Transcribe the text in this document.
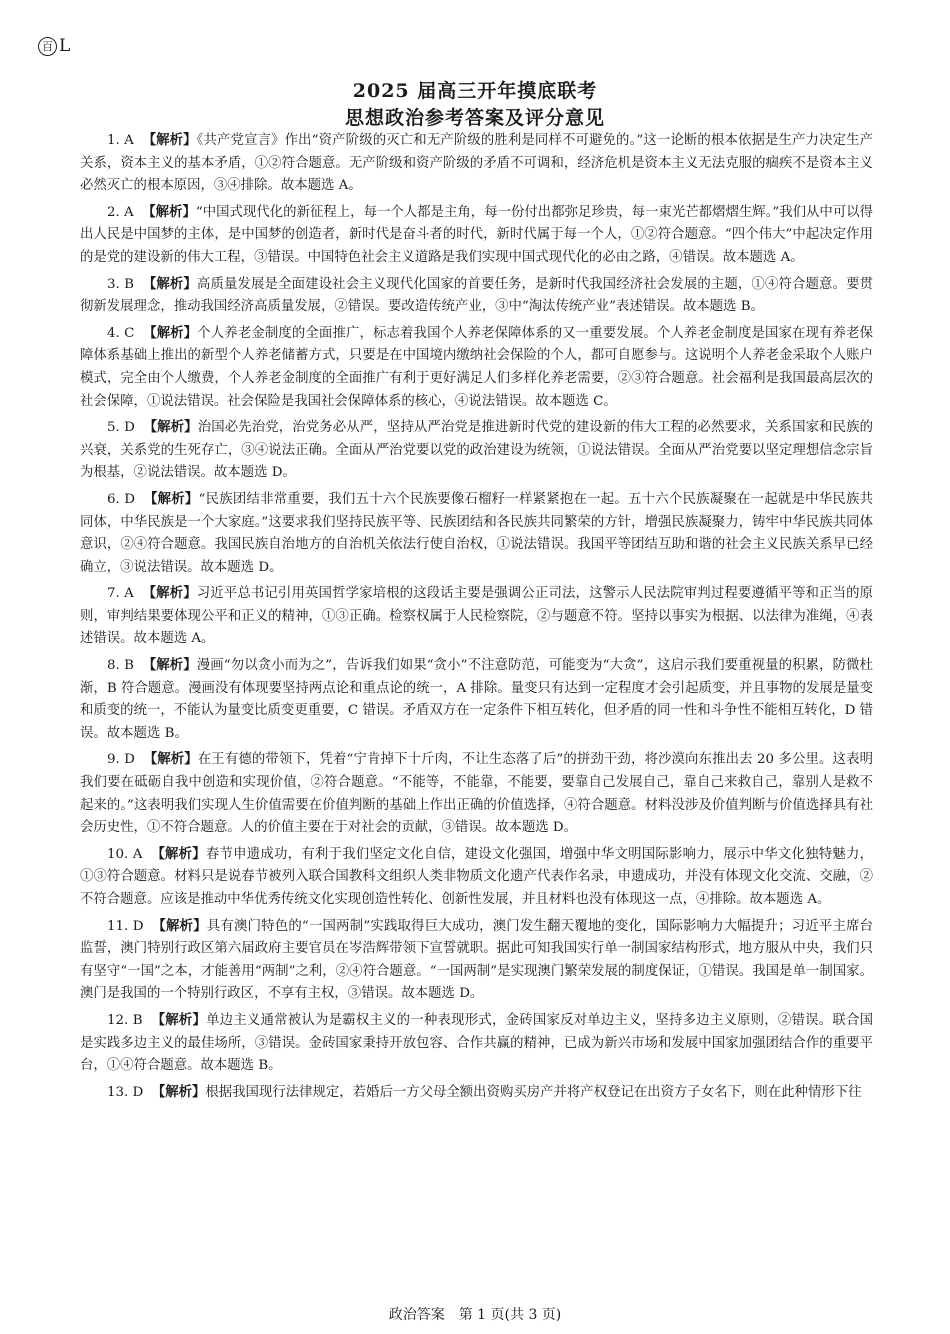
百 L
2025 届高三开年摸底联考
思想政治参考答案及评分意见

1. A 【解析】《共产党宣言》作出“资产阶级的灭亡和无产阶级的胜利是同样不可避免的。”这一论断的根本依据是生产力决定生产关系，资本主义的基本矛盾，①②符合题意。无产阶级和资产阶级的矛盾不可调和，经济危机是资本主义无法克服的痼疾不是资本主义必然灭亡的根本原因，③④排除。故本题选 A。

2. A 【解析】“中国式现代化的新征程上，每一个人都是主角，每一份付出都弥足珍贵，每一束光芒都熠熠生辉。”我们从中可以得出人民是中国梦的主体，是中国梦的创造者，新时代是奋斗者的时代，新时代属于每一个人，①②符合题意。“四个伟大”中起决定作用的是党的建设新的伟大工程，③错误。中国特色社会主义道路是我们实现中国式现代化的必由之路，④错误。故本题选 A。

3. B 【解析】高质量发展是全面建设社会主义现代化国家的首要任务，是新时代我国经济社会发展的主题，①④符合题意。要贯彻新发展理念，推动我国经济高质量发展，②错误。要改造传统产业，③中“淘汰传统产业”表述错误。故本题选 B。

4. C 【解析】个人养老金制度的全面推广，标志着我国个人养老保障体系的又一重要发展。个人养老金制度是国家在现有养老保障体系基础上推出的新型个人养老储蓄方式，只要是在中国境内缴纳社会保险的个人，都可自愿参与。这说明个人养老金采取个人账户模式，完全由个人缴费，个人养老金制度的全面推广有利于更好满足人们多样化养老需要，②③符合题意。社会福利是我国最高层次的社会保障，①说法错误。社会保险是我国社会保障体系的核心，④说法错误。故本题选 C。

5. D 【解析】治国必先治党，治党务必从严，坚持从严治党是推进新时代党的建设新的伟大工程的必然要求，关系国家和民族的兴衰，关系党的生死存亡，③④说法正确。全面从严治党要以党的政治建设为统领，①说法错误。全面从严治党要以坚定理想信念宗旨为根基，②说法错误。故本题选 D。

6. D 【解析】“民族团结非常重要，我们五十六个民族要像石榴籽一样紧紧抱在一起。五十六个民族凝聚在一起就是中华民族共同体，中华民族是一个大家庭。”这要求我们坚持民族平等、民族团结和各民族共同繁荣的方针，增强民族凝聚力，铸牢中华民族共同体意识，②④符合题意。我国民族自治地方的自治机关依法行使自治权，①说法错误。我国平等团结互助和谐的社会主义民族关系早已经确立，③说法错误。故本题选 D。

7. A 【解析】习近平总书记引用英国哲学家培根的这段话主要是强调公正司法，这警示人民法院审判过程要遵循平等和正当的原则，审判结果要体现公平和正义的精神，①③正确。检察权属于人民检察院，②与题意不符。坚持以事实为根据、以法律为准绳，④表述错误。故本题选 A。

8. B 【解析】漫画“勿以贪小而为之”，告诉我们如果“贪小”不注意防范，可能变为“大贪”，这启示我们要重视量的积累，防微杜渐，B 符合题意。漫画没有体现要坚持两点论和重点论的统一，A 排除。量变只有达到一定程度才会引起质变，并且事物的发展是量变和质变的统一，不能认为量变比质变更重要，C 错误。矛盾双方在一定条件下相互转化，但矛盾的同一性和斗争性不能相互转化，D 错误。故本题选 B。

9. D 【解析】在王有德的带领下，凭着“宁肯掉下十斤肉，不让生态落了后”的拼劲干劲，将沙漠向东推出去 20 多公里。这表明我们要在砥砺自我中创造和实现价值，②符合题意。“不能等，不能靠，不能要，要靠自己发展自己，靠自己来救自己，靠别人是救不起来的。”这表明我们实现人生价值需要在价值判断的基础上作出正确的价值选择，④符合题意。材料没涉及价值判断与价值选择具有社会历史性，①不符合题意。人的价值主要在于对社会的贡献，③错误。故本题选 D。

10. A 【解析】春节申遗成功，有利于我们坚定文化自信，建设文化强国，增强中华文明国际影响力，展示中华文化独特魅力，①③符合题意。材料只是说春节被列入联合国教科文组织人类非物质文化遗产代表作名录，申遗成功，并没有体现文化交流、交融，②不符合题意。应该是推动中华优秀传统文化实现创造性转化、创新性发展，并且材料也没有体现这一点，④排除。故本题选 A。

11. D 【解析】具有澳门特色的“一国两制”实践取得巨大成功，澳门发生翻天覆地的变化，国际影响力大幅提升；习近平主席台监誓，澳门特别行政区第六届政府主要官员在岑浩辉带领下宣誓就职。据此可知我国实行单一制国家结构形式，地方服从中央，我们只有坚守“一国”之本，才能善用“两制”之利，②④符合题意。“一国两制”是实现澳门繁荣发展的制度保证，①错误。我国是单一制国家。澳门是我国的一个特别行政区，不享有主权，③错误。故本题选 D。

12. B 【解析】单边主义通常被认为是霸权主义的一种表现形式，金砖国家反对单边主义，坚持多边主义原则，②错误。联合国是实践多边主义的最佳场所，③错误。金砖国家秉持开放包容、合作共赢的精神，已成为新兴市场和发展中国家加强团结合作的重要平台，①④符合题意。故本题选 B。

13. D 【解析】根据我国现行法律规定，若婚后一方父母全额出资购买房产并将产权登记在出资方子女名下，则在此种情形下往

政治答案　第 1 页(共 3 页)
